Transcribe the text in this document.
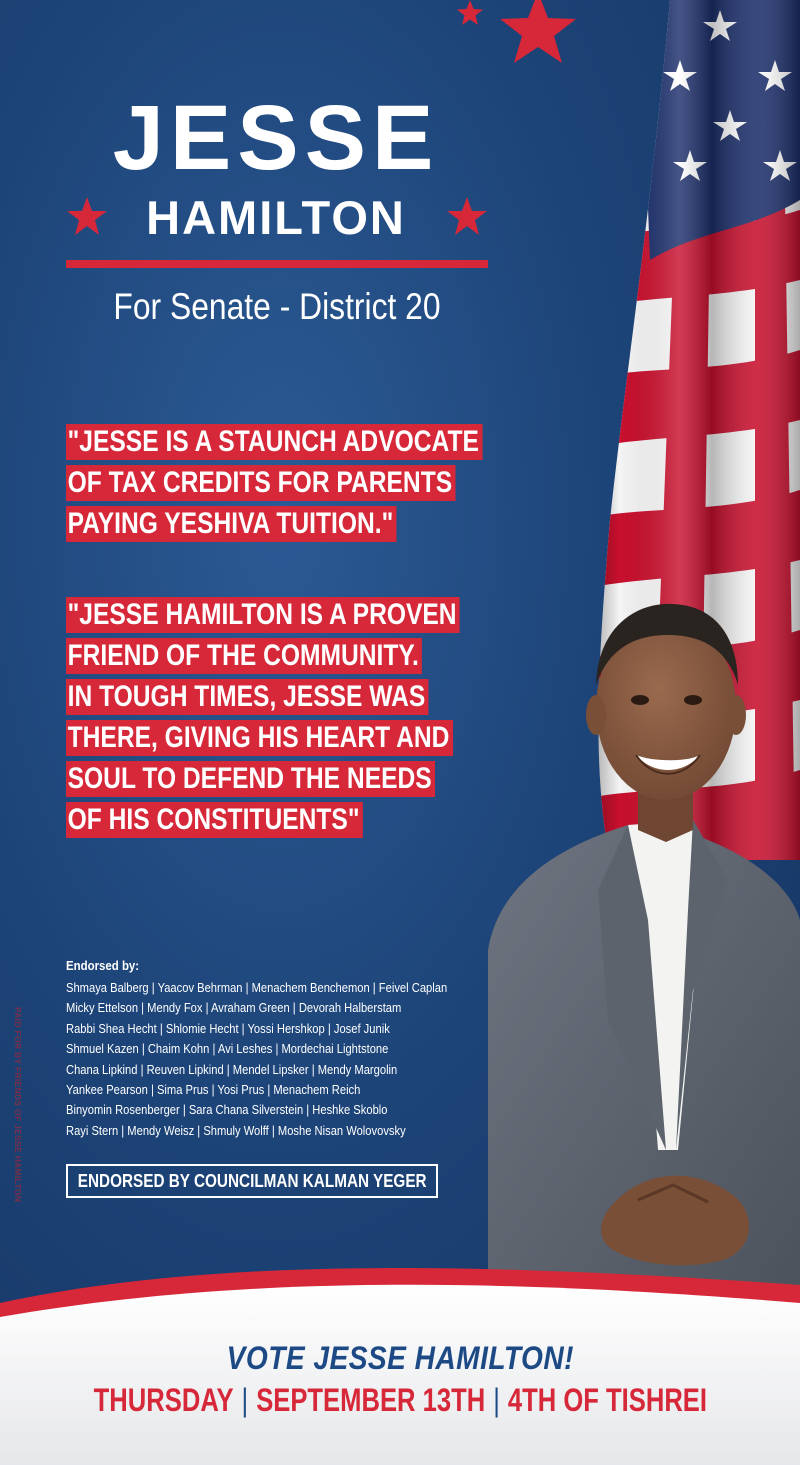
JESSE
HAMILTON

For Senate - District 20

"JESSE IS A STAUNCH ADVOCATE
OF TAX CREDITS FOR PARENTS
PAYING YESHIVA TUITION."
"JESSE HAMILTON IS A PROVEN
FRIEND OF THE COMMUNITY.
IN TOUGH TIMES, JESSE WAS
THERE, GIVING HIS HEART AND
SOUL TO DEFEND THE NEEDS
OF HIS CONSTITUENTS"

Endorsed by:

Shmaya Balberg | Yaacov Behrman | Menachem Benchemon | Feivel Caplan
Micky Ettelson | Mendy Fox | Avraham Green | Devorah Halberstam
Rabbi Shea Hecht | Shlomie Hecht | Yossi Hershkop | Josef Junik
Shmuel Kazen | Chaim Kohn | Avi Leshes | Mordechai Lightstone
Chana Lipkind | Reuven Lipkind | Mendel Lipsker | Mendy Margolin
Yankee Pearson | Sima Prus | Yosi Prus | Menachem Reich
Binyomin Rosenberger | Sara Chana Silverstein | Heshke Skoblo
Rayi Stern | Mendy Weisz | Shmuly Wolff | Moshe Nisan Wolovovsky
ENDORSED BY COUNCILMAN KALMAN YEGER
PAID FOR BY FRIENDS OF JESSE HAMILTON

VOTE JESSE HAMILTON!

THURSDAY | SEPTEMBER 13TH | 4TH OF TISHREI
